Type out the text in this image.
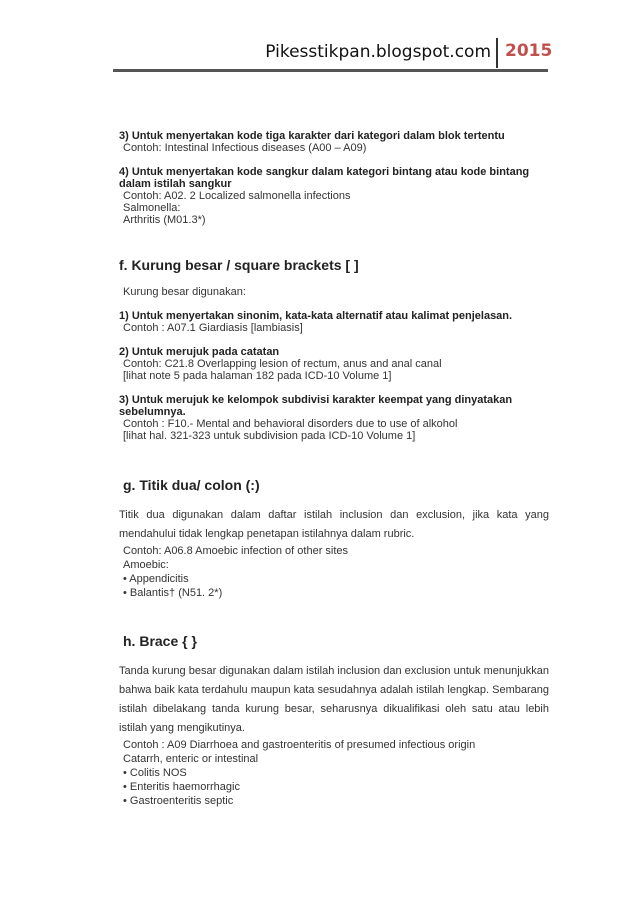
Pikesstikpan.blogspot.com 2015
3) Untuk menyertakan kode tiga karakter dari kategori dalam blok tertentu
Contoh: Intestinal Infectious diseases (A00 – A09)
4) Untuk menyertakan kode sangkur dalam kategori bintang atau kode bintang
dalam istilah sangkur
Contoh: A02. 2 Localized salmonella infections
Salmonella:
Arthritis (M01.3*)
f. Kurung besar / square brackets [ ]
Kurung besar digunakan:
1) Untuk menyertakan sinonim, kata-kata alternatif atau kalimat penjelasan.
Contoh : A07.1 Giardiasis [lambiasis]
2) Untuk merujuk pada catatan
Contoh: C21.8 Overlapping lesion of rectum, anus and anal canal
[lihat note 5 pada halaman 182 pada ICD-10 Volume 1]
3) Untuk merujuk ke kelompok subdivisi karakter keempat yang dinyatakan
sebelumnya.
Contoh : F10.- Mental and behavioral disorders due to use of alkohol
[lihat hal. 321-323 untuk subdivision pada ICD-10 Volume 1]
g. Titik dua/ colon (:)
Titik dua digunakan dalam daftar istilah inclusion dan exclusion, jika kata yang mendahului tidak lengkap penetapan istilahnya dalam rubric.
Contoh: A06.8 Amoebic infection of other sites
Amoebic:
• Appendicitis
• Balantis† (N51. 2*)
h. Brace { }
Tanda kurung besar digunakan dalam istilah inclusion dan exclusion untuk menunjukkan bahwa baik kata terdahulu maupun kata sesudahnya adalah istilah lengkap. Sembarang istilah dibelakang tanda kurung besar, seharusnya dikualifikasi oleh satu atau lebih istilah yang mengikutinya.
Contoh : A09 Diarrhoea and gastroenteritis of presumed infectious origin
Catarrh, enteric or intestinal
• Colitis NOS
• Enteritis haemorrhagic
• Gastroenteritis septic
